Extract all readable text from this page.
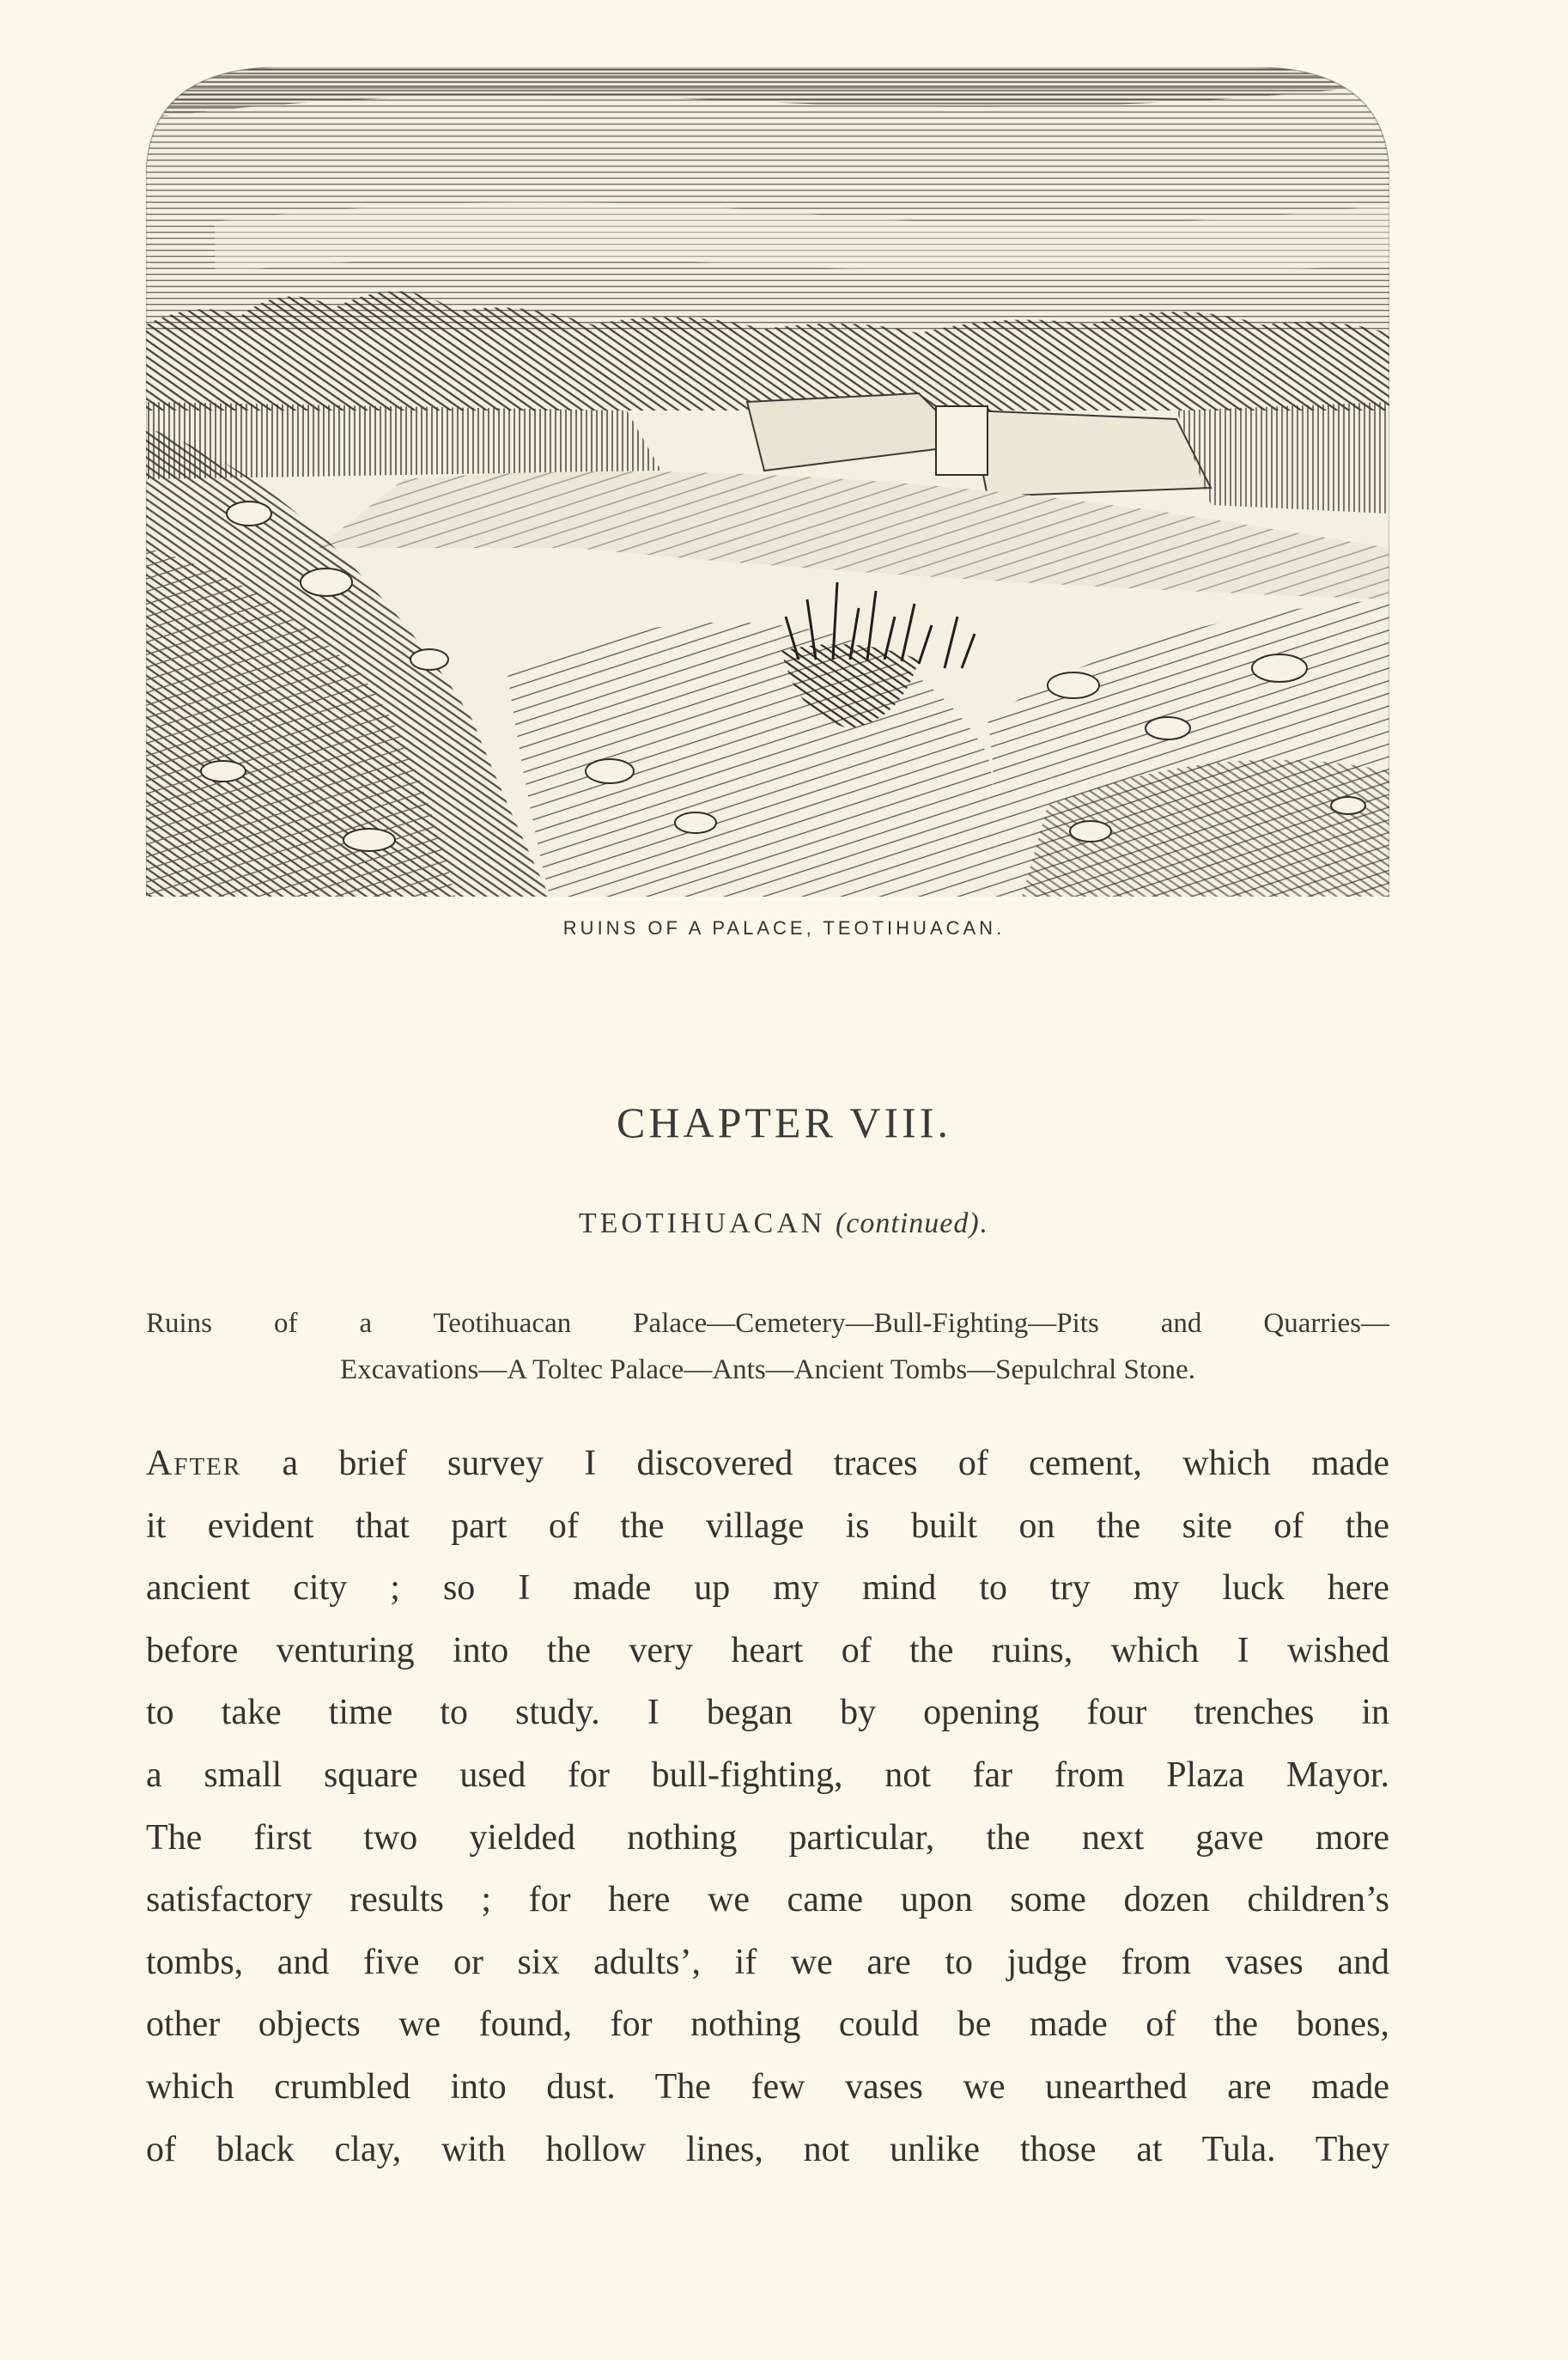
RUINS OF A PALACE, TEOTIHUACAN.
CHAPTER VIII.
TEOTIHUACAN (continued).
Ruins of a Teotihuacan Palace—Cemetery—Bull-Fighting—Pits and Quarries—
Excavations—A Toltec Palace—Ants—Ancient Tombs—Sepulchral Stone.
After a brief survey I discovered traces of cement, which made
it evident that part of the village is built on the site of the
ancient city ; so I made up my mind to try my luck here
before venturing into the very heart of the ruins, which I wished
to take time to study. I began by opening four trenches in
a small square used for bull-fighting, not far from Plaza Mayor.
The first two yielded nothing particular, the next gave more
satisfactory results ; for here we came upon some dozen children’s
tombs, and five or six adults’, if we are to judge from vases and
other objects we found, for nothing could be made of the bones,
which crumbled into dust. The few vases we unearthed are made
of black clay, with hollow lines, not unlike those at Tula. They
